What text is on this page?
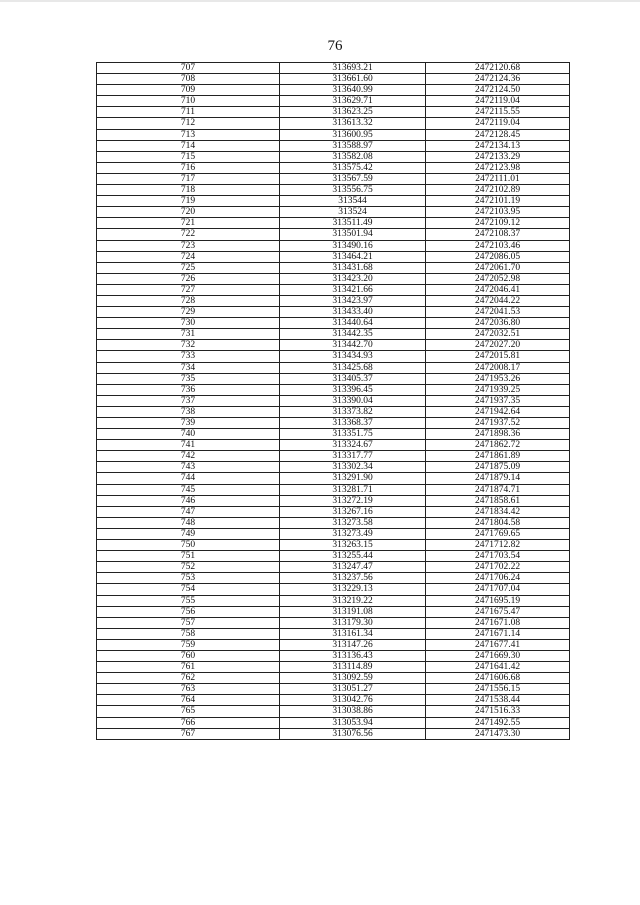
76
707	313693.21	2472120.68
708	313661.60	2472124.36
709	313640.99	2472124.50
710	313629.71	2472119.04
711	313623.25	2472115.55
712	313613.32	2472119.04
713	313600.95	2472128.45
714	313588.97	2472134.13
715	313582.08	2472133.29
716	313575.42	2472123.98
717	313567.59	2472111.01
718	313556.75	2472102.89
719	313544	2472101.19
720	313524	2472103.95
721	313511.49	2472109.12
722	313501.94	2472108.37
723	313490.16	2472103.46
724	313464.21	2472086.05
725	313431.68	2472061.70
726	313423.20	2472052.98
727	313421.66	2472046.41
728	313423.97	2472044.22
729	313433.40	2472041.53
730	313440.64	2472036.80
731	313442.35	2472032.51
732	313442.70	2472027.20
733	313434.93	2472015.81
734	313425.68	2472008.17
735	313405.37	2471953.26
736	313396.45	2471939.25
737	313390.04	2471937.35
738	313373.82	2471942.64
739	313368.37	2471937.52
740	313351.75	2471898.36
741	313324.67	2471862.72
742	313317.77	2471861.89
743	313302.34	2471875.09
744	313291.90	2471879.14
745	313281.71	2471874.71
746	313272.19	2471858.61
747	313267.16	2471834.42
748	313273.58	2471804.58
749	313273.49	2471769.65
750	313263.15	2471712.82
751	313255.44	2471703.54
752	313247.47	2471702.22
753	313237.56	2471706.24
754	313229.13	2471707.04
755	313219.22	2471695.19
756	313191.08	2471675.47
757	313179.30	2471671.08
758	313161.34	2471671.14
759	313147.26	2471677.41
760	313136.43	2471669.30
761	313114.89	2471641.42
762	313092.59	2471606.68
763	313051.27	2471556.15
764	313042.76	2471538.44
765	313038.86	2471516.33
766	313053.94	2471492.55
767	313076.56	2471473.30
